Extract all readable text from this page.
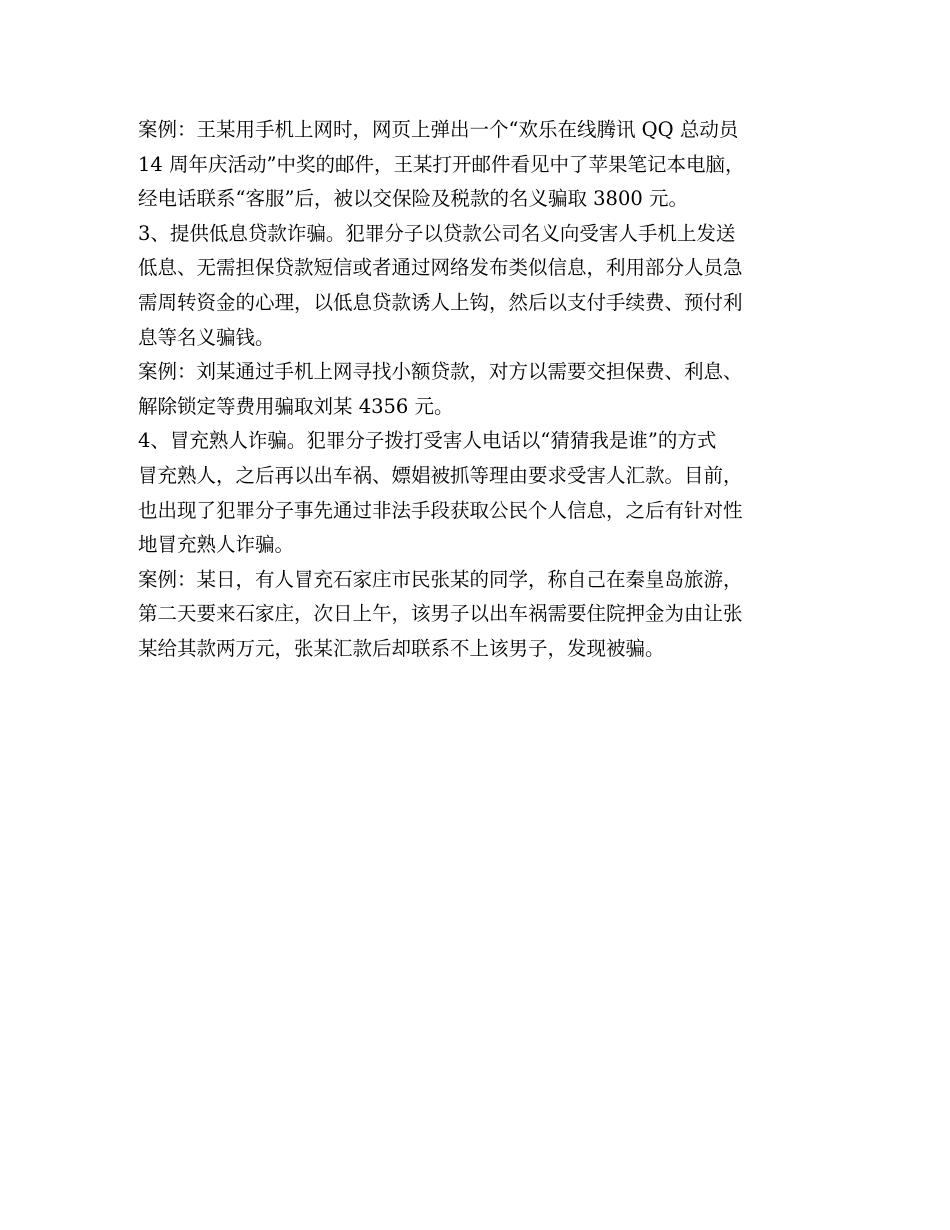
案例：王某用手机上网时，网页上弹出一个“欢乐在线腾讯 QQ 总动员
14 周年庆活动”中奖的邮件，王某打开邮件看见中了苹果笔记本电脑，
经电话联系“客服”后，被以交保险及税款的名义骗取 3800 元。
3、提供低息贷款诈骗。犯罪分子以贷款公司名义向受害人手机上发送
低息、无需担保贷款短信或者通过网络发布类似信息，利用部分人员急
需周转资金的心理，以低息贷款诱人上钩，然后以支付手续费、预付利
息等名义骗钱。
案例：刘某通过手机上网寻找小额贷款，对方以需要交担保费、利息、
解除锁定等费用骗取刘某 4356 元。
4、冒充熟人诈骗。犯罪分子拨打受害人电话以“猜猜我是谁”的方式
冒充熟人，之后再以出车祸、嫖娼被抓等理由要求受害人汇款。目前，
也出现了犯罪分子事先通过非法手段获取公民个人信息，之后有针对性
地冒充熟人诈骗。
案例：某日，有人冒充石家庄市民张某的同学，称自己在秦皇岛旅游，
第二天要来石家庄，次日上午，该男子以出车祸需要住院押金为由让张
某给其款两万元，张某汇款后却联系不上该男子，发现被骗。
